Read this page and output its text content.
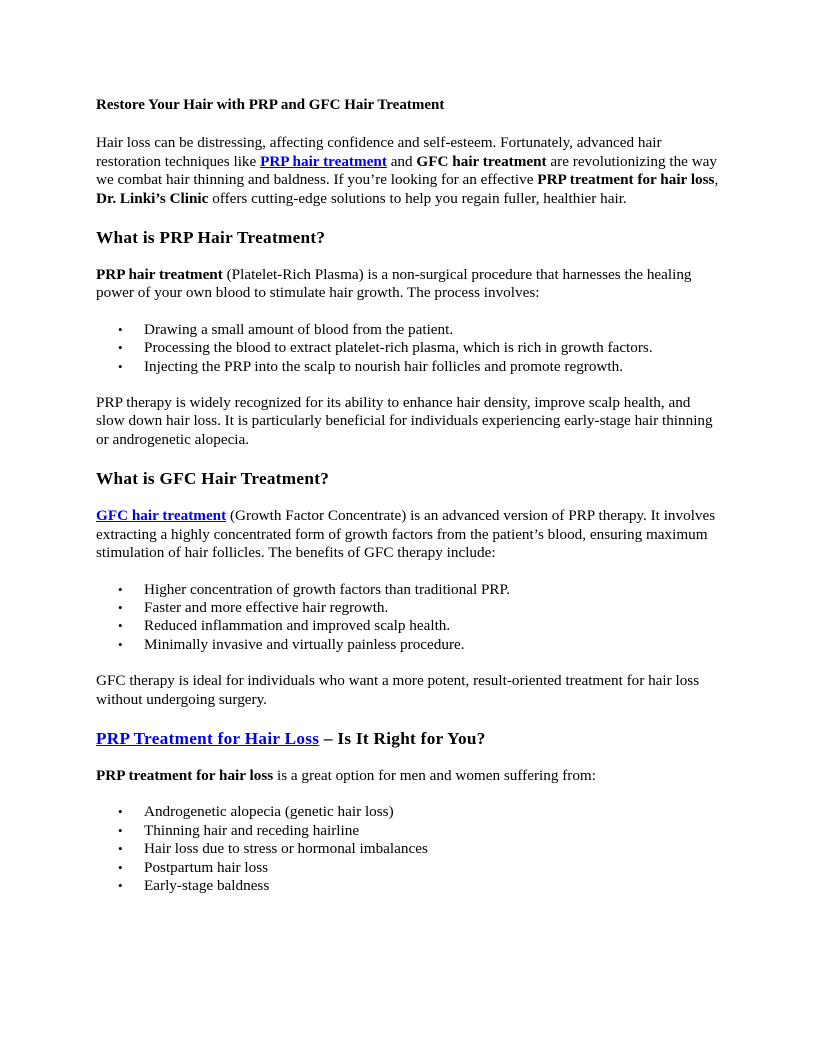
Restore Your Hair with PRP and GFC Hair Treatment

Hair loss can be distressing, affecting confidence and self-esteem. Fortunately, advanced hair restoration techniques like PRP hair treatment and GFC hair treatment are revolutionizing the way we combat hair thinning and baldness. If you’re looking for an effective PRP treatment for hair loss, Dr. Linki’s Clinic offers cutting-edge solutions to help you regain fuller, healthier hair.

What is PRP Hair Treatment?

PRP hair treatment (Platelet-Rich Plasma) is a non-surgical procedure that harnesses the healing power of your own blood to stimulate hair growth. The process involves:

• Drawing a small amount of blood from the patient.
• Processing the blood to extract platelet-rich plasma, which is rich in growth factors.
• Injecting the PRP into the scalp to nourish hair follicles and promote regrowth.

PRP therapy is widely recognized for its ability to enhance hair density, improve scalp health, and slow down hair loss. It is particularly beneficial for individuals experiencing early-stage hair thinning or androgenetic alopecia.

What is GFC Hair Treatment?

GFC hair treatment (Growth Factor Concentrate) is an advanced version of PRP therapy. It involves extracting a highly concentrated form of growth factors from the patient’s blood, ensuring maximum stimulation of hair follicles. The benefits of GFC therapy include:

• Higher concentration of growth factors than traditional PRP.
• Faster and more effective hair regrowth.
• Reduced inflammation and improved scalp health.
• Minimally invasive and virtually painless procedure.

GFC therapy is ideal for individuals who want a more potent, result-oriented treatment for hair loss without undergoing surgery.

PRP Treatment for Hair Loss – Is It Right for You?

PRP treatment for hair loss is a great option for men and women suffering from:

• Androgenetic alopecia (genetic hair loss)
• Thinning hair and receding hairline
• Hair loss due to stress or hormonal imbalances
• Postpartum hair loss
• Early-stage baldness
